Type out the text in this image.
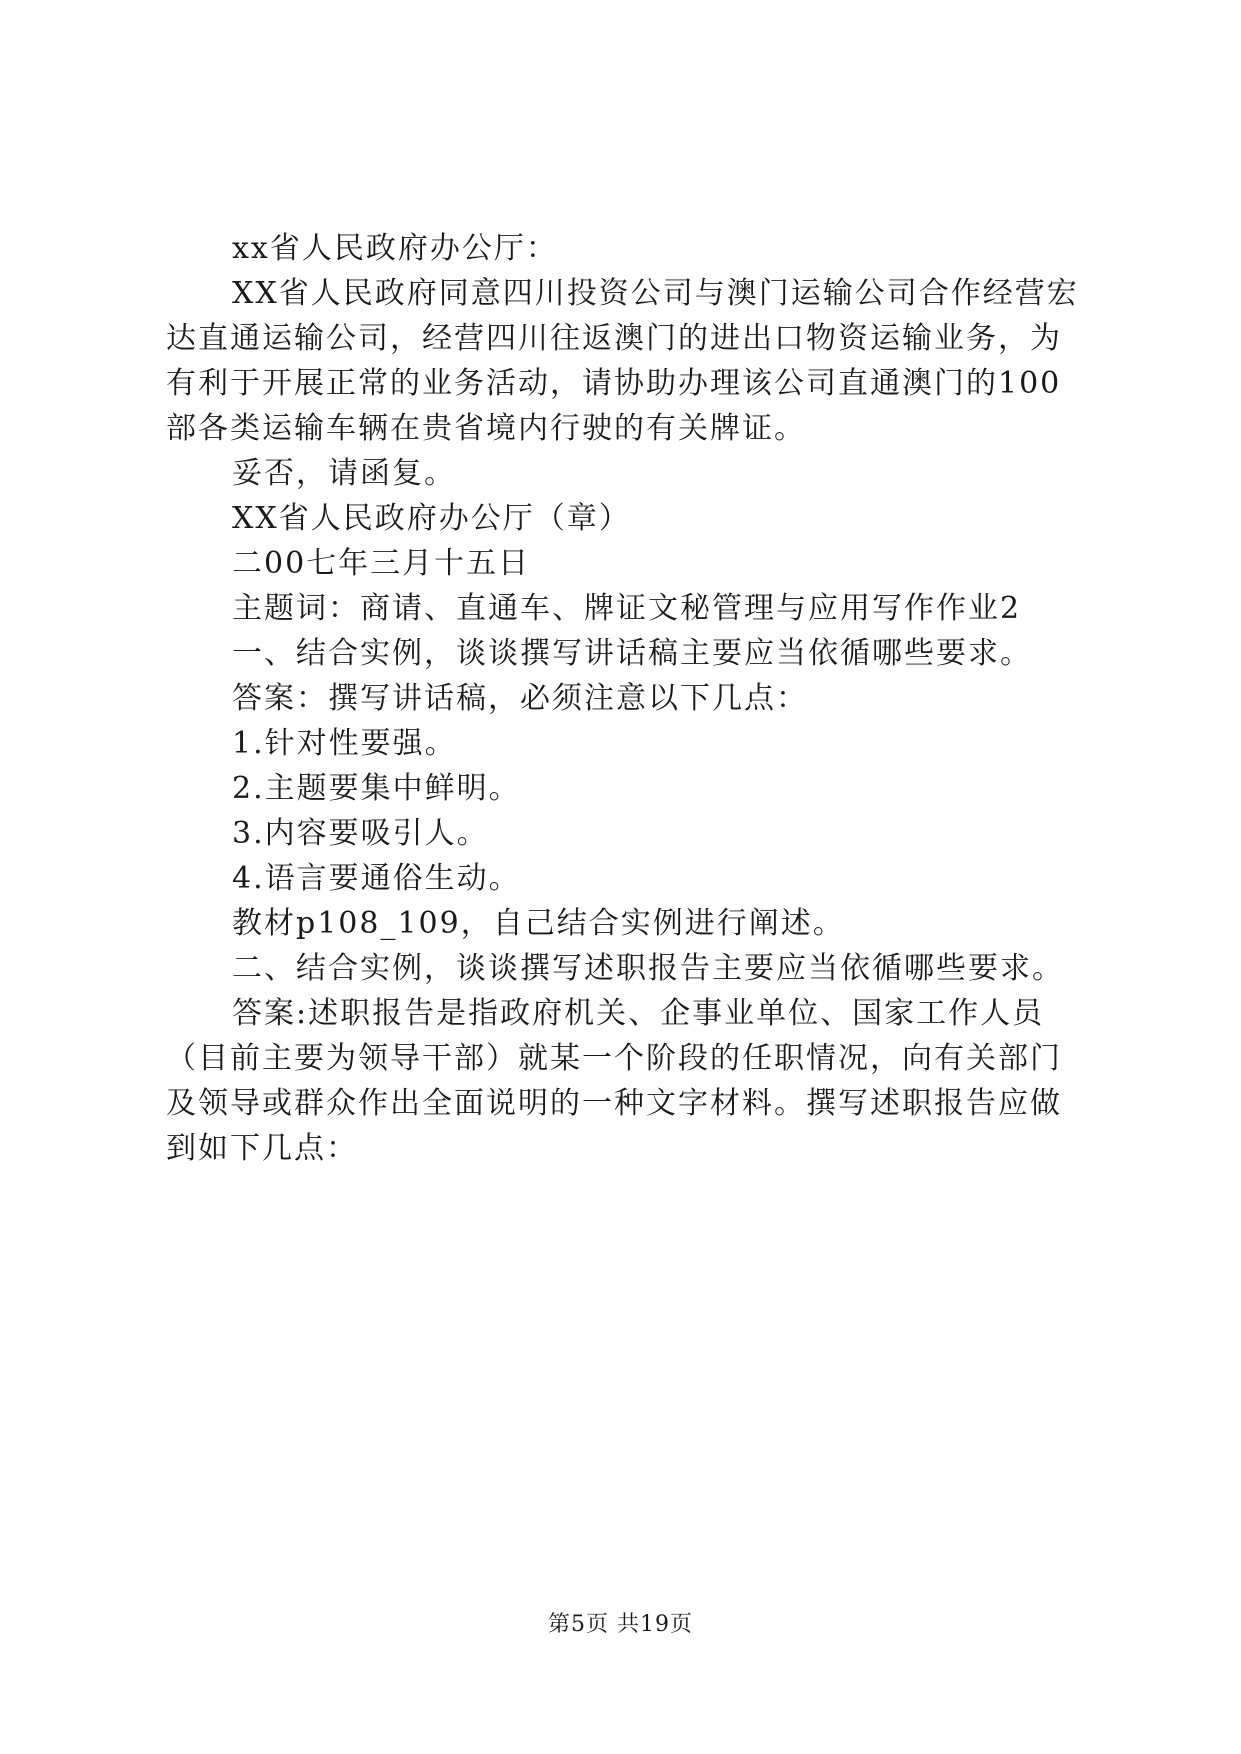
xx省人民政府办公厅：

XX省人民政府同意四川投资公司与澳门运输公司合作经营宏达直通运输公司，经营四川往返澳门的进出口物资运输业务，为有利于开展正常的业务活动，请协助办理该公司直通澳门的100部各类运输车辆在贵省境内行驶的有关牌证。

妥否，请函复。

XX省人民政府办公厅（章）

二00七年三月十五日

主题词：商请、直通车、牌证文秘管理与应用写作作业2

一、结合实例，谈谈撰写讲话稿主要应当依循哪些要求。

答案：撰写讲话稿，必须注意以下几点：

1.针对性要强。

2.主题要集中鲜明。

3.内容要吸引人。

4.语言要通俗生动。

教材p108_109，自己结合实例进行阐述。

二、结合实例，谈谈撰写述职报告主要应当依循哪些要求。

答案:述职报告是指政府机关、企事业单位、国家工作人员（目前主要为领导干部）就某一个阶段的任职情况，向有关部门及领导或群众作出全面说明的一种文字材料。撰写述职报告应做到如下几点：

第5页 共19页
